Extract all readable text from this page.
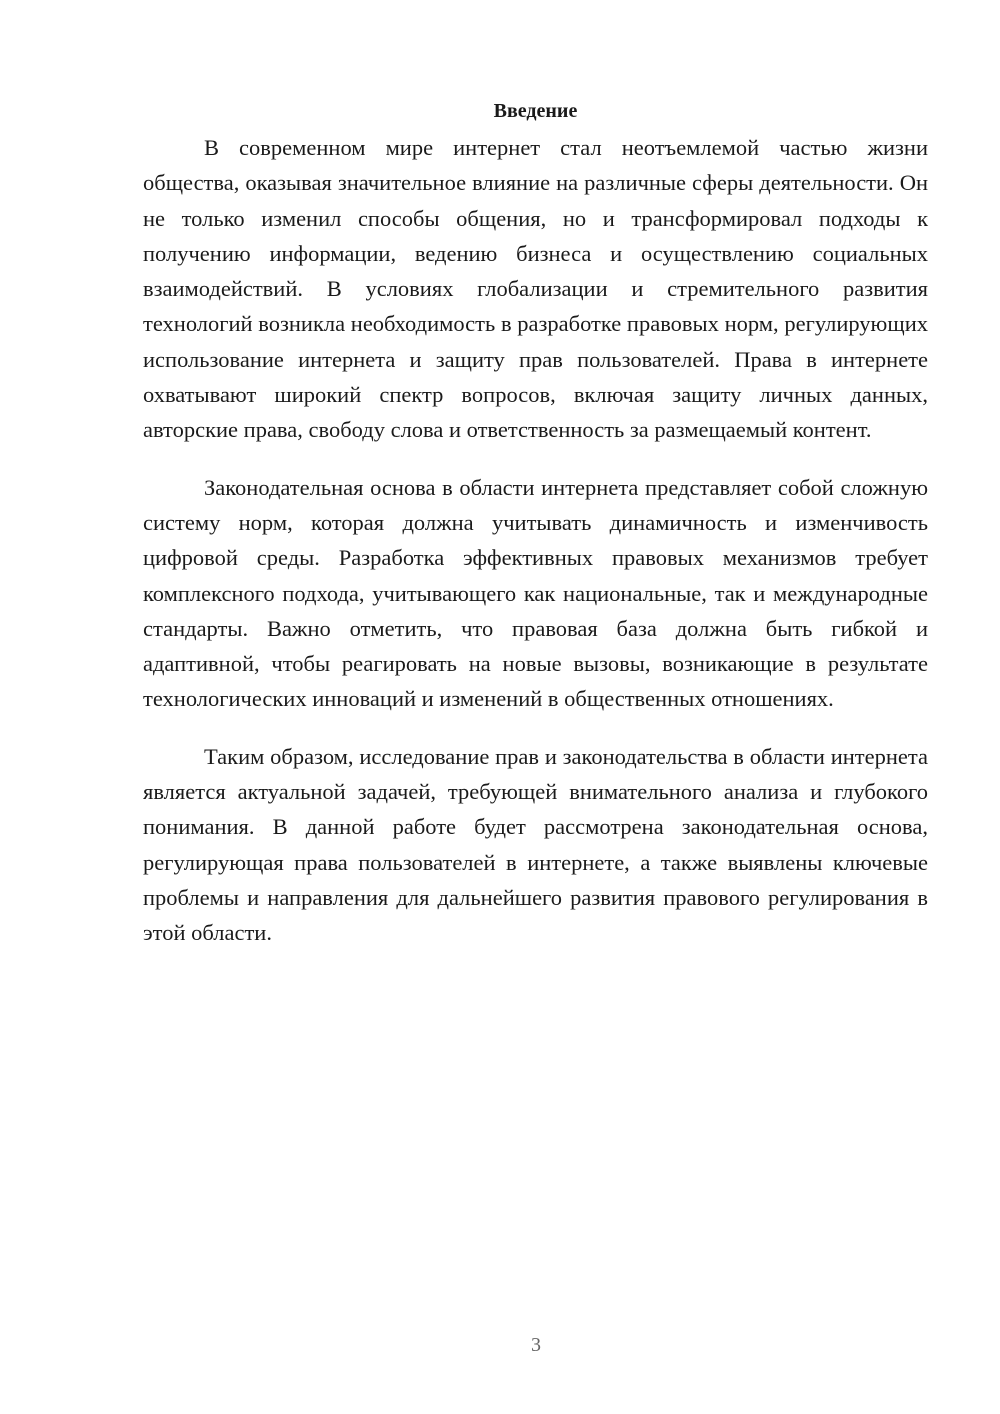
Введение

В современном мире интернет стал неотъемлемой частью жизни общества, оказывая значительное влияние на различные сферы деятельности. Он не только изменил способы общения, но и трансформировал подходы к получению информации, ведению бизнеса и осуществлению социальных взаимодействий. В условиях глобализации и стремительного развития технологий возникла необходимость в разработке правовых норм, регулирующих использование интернета и защиту прав пользователей. Права в интернете охватывают широкий спектр вопросов, включая защиту личных данных, авторские права, свободу слова и ответственность за размещаемый контент.

Законодательная основа в области интернета представляет собой сложную систему норм, которая должна учитывать динамичность и изменчивость цифровой среды. Разработка эффективных правовых механизмов требует комплексного подхода, учитывающего как национальные, так и международные стандарты. Важно отметить, что правовая база должна быть гибкой и адаптивной, чтобы реагировать на новые вызовы, возникающие в результате технологических инноваций и изменений в общественных отношениях.

Таким образом, исследование прав и законодательства в области интернета является актуальной задачей, требующей внимательного анализа и глубокого понимания. В данной работе будет рассмотрена законодательная основа, регулирующая права пользователей в интернете, а также выявлены ключевые проблемы и направления для дальнейшего развития правового регулирования в этой области.

3
